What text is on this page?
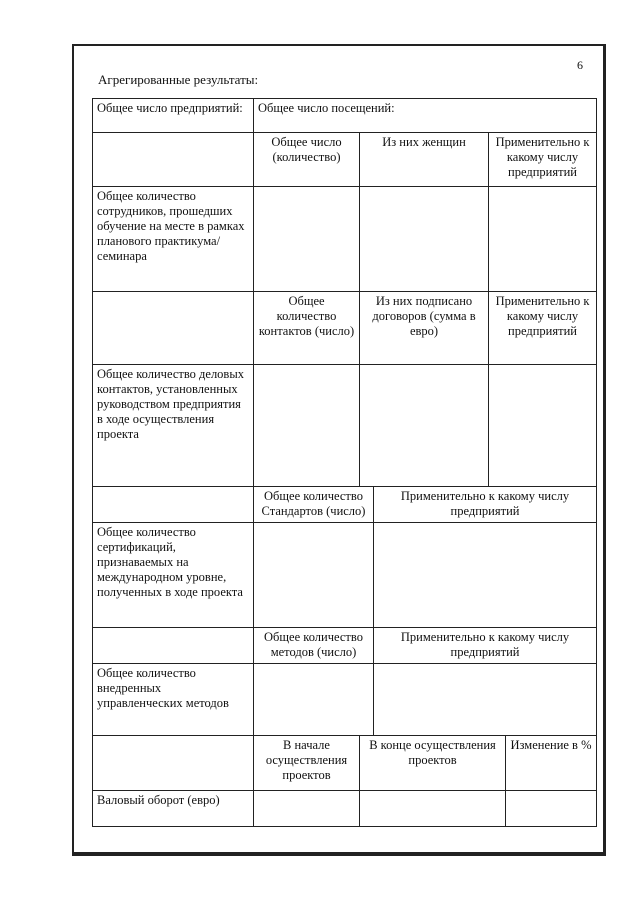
6
Агрегированные результаты:
Общее число предприятий:	Общее число посещений:				
	Общее число (количество)	Из них женщин		Применительно к какому числу предприятий	
Общее количество сотрудников, прошедших обучение на месте в рамках планового практикума/семинара					
	Общее количество контактов (число)	Из них подписано договоров (сумма в евро)		Применительно к какому числу предприятий	
Общее количество деловых контактов, установленных руководством предприятия в ходе осуществления проекта					
	Общее количество Стандартов (число)		Применительно к какому числу предприятий		
Общее количество сертификаций, признаваемых на международном уровне, полученных в ходе проекта					
	Общее количество методов (число)		Применительно к какому числу предприятий		
Общее количество внедренных управленческих методов					
	В начале осуществления проектов	В конце осуществления проектов			Изменение в %
Валовый оборот (евро)					
